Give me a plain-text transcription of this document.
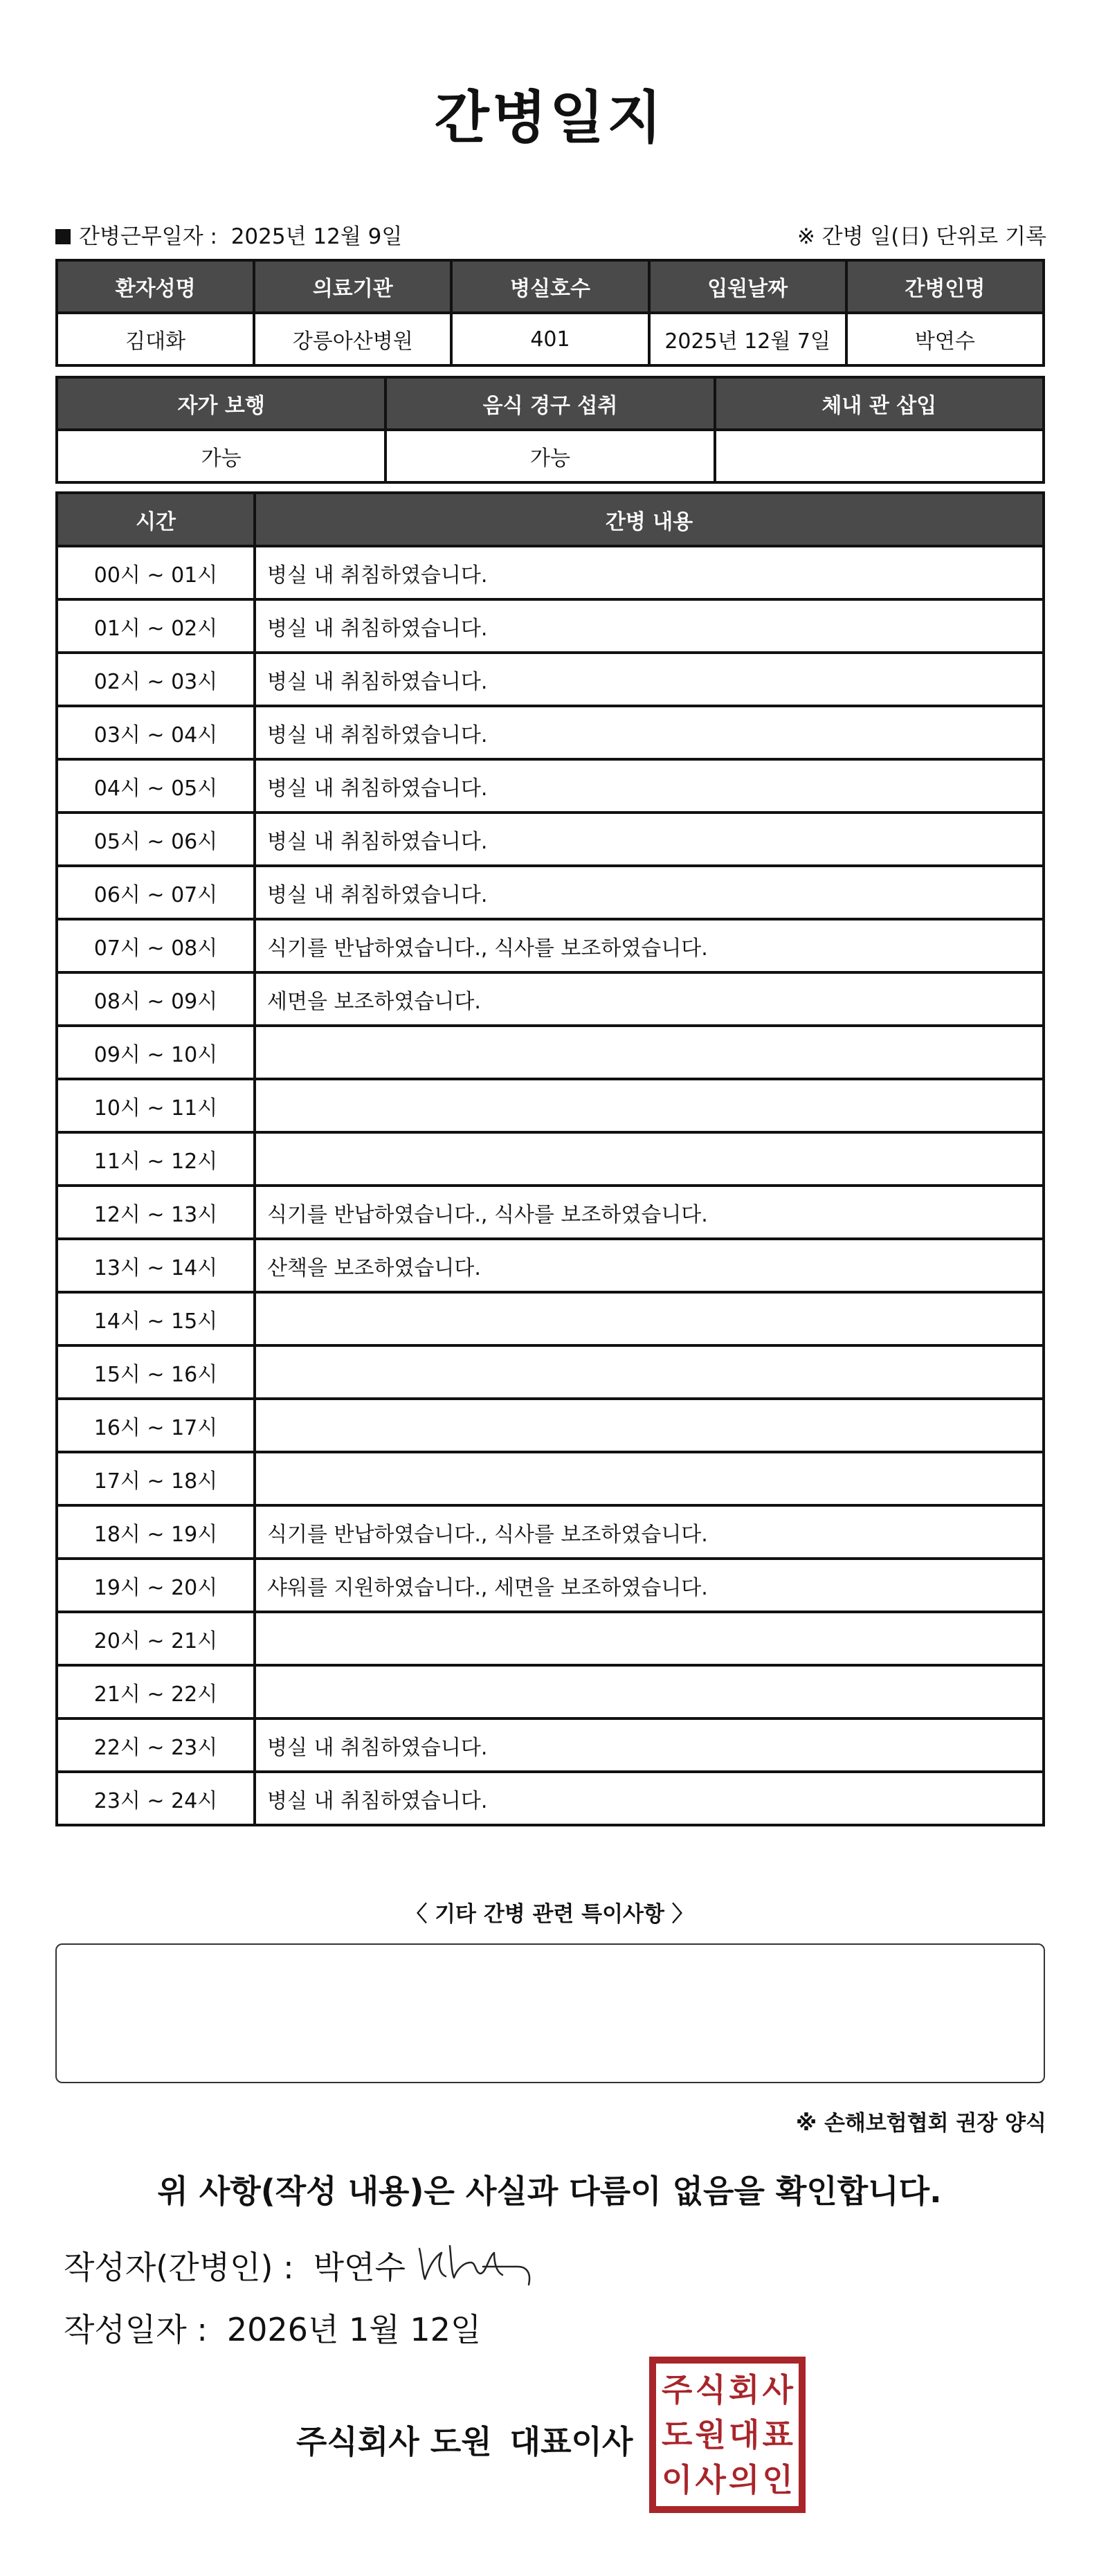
간병일지
간병근무일자 : 2025년 12월 9일	※ 간병 일(日) 단위로 기록
환자성명	의료기관	병실호수	입원날짜	간병인명
김대화	강릉아산병원	401	2025년 12월 7일	박연수
자가 보행	음식 경구 섭취	체내 관 삽입
가능	가능	
시간	간병 내용
00시 ~ 01시	병실 내 취침하였습니다.
01시 ~ 02시	병실 내 취침하였습니다.
02시 ~ 03시	병실 내 취침하였습니다.
03시 ~ 04시	병실 내 취침하였습니다.
04시 ~ 05시	병실 내 취침하였습니다.
05시 ~ 06시	병실 내 취침하였습니다.
06시 ~ 07시	병실 내 취침하였습니다.
07시 ~ 08시	식기를 반납하였습니다., 식사를 보조하였습니다.
08시 ~ 09시	세면을 보조하였습니다.
09시 ~ 10시	
10시 ~ 11시	
11시 ~ 12시	
12시 ~ 13시	식기를 반납하였습니다., 식사를 보조하였습니다.
13시 ~ 14시	산책을 보조하였습니다.
14시 ~ 15시	
15시 ~ 16시	
16시 ~ 17시	
17시 ~ 18시	
18시 ~ 19시	식기를 반납하였습니다., 식사를 보조하였습니다.
19시 ~ 20시	샤워를 지원하였습니다., 세면을 보조하였습니다.
20시 ~ 21시	
21시 ~ 22시	
22시 ~ 23시	병실 내 취침하였습니다.
23시 ~ 24시	병실 내 취침하였습니다.
〈 기타 간병 관련 특이사항 〉
※ 손해보험협회 권장 양식
위 사항(작성 내용)은 사실과 다름이 없음을 확인합니다.
작성자(간병인) : 박연수
작성일자 : 2026년 1월 12일
주식회사 도원 대표이사
주 식 회 사
도 원 대 표
이 사 의 인
